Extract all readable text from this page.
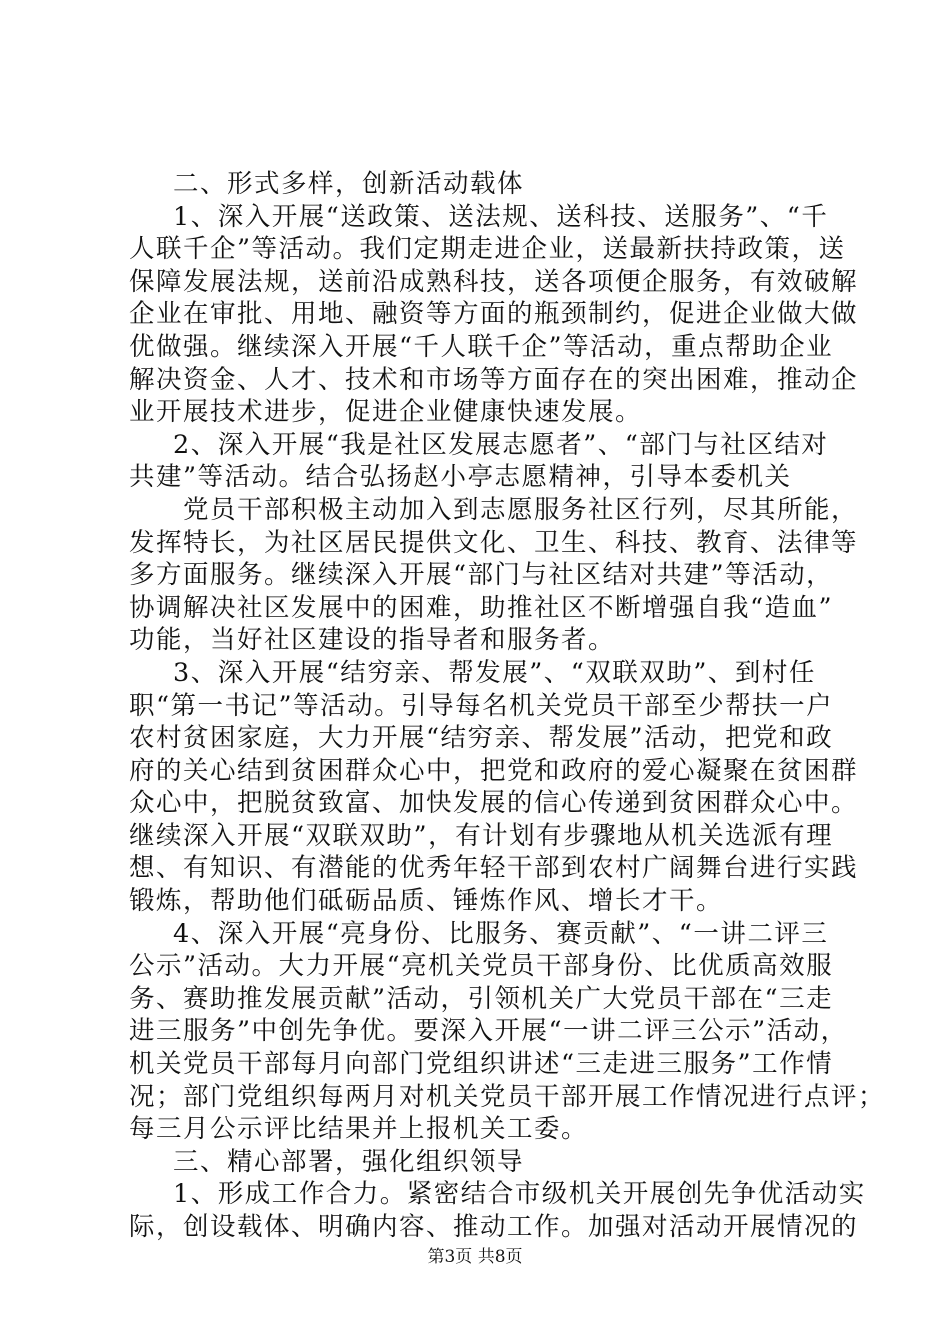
二、形式多样，创新活动载体
1、深入开展“送政策、送法规、送科技、送服务”、“千
人联千企”等活动。我们定期走进企业，送最新扶持政策，送
保障发展法规，送前沿成熟科技，送各项便企服务，有效破解
企业在审批、用地、融资等方面的瓶颈制约，促进企业做大做
优做强。继续深入开展“千人联千企”等活动，重点帮助企业
解决资金、人才、技术和市场等方面存在的突出困难，推动企
业开展技术进步，促进企业健康快速发展。
2、深入开展“我是社区发展志愿者”、“部门与社区结对
共建”等活动。结合弘扬赵小亭志愿精神，引导本委机关
党员干部积极主动加入到志愿服务社区行列，尽其所能，
发挥特长，为社区居民提供文化、卫生、科技、教育、法律等
多方面服务。继续深入开展“部门与社区结对共建”等活动，
协调解决社区发展中的困难，助推社区不断增强自我“造血”
功能，当好社区建设的指导者和服务者。
3、深入开展“结穷亲、帮发展”、“双联双助”、到村任
职“第一书记”等活动。引导每名机关党员干部至少帮扶一户
农村贫困家庭，大力开展“结穷亲、帮发展”活动，把党和政
府的关心结到贫困群众心中，把党和政府的爱心凝聚在贫困群
众心中，把脱贫致富、加快发展的信心传递到贫困群众心中。
继续深入开展“双联双助”，有计划有步骤地从机关选派有理
想、有知识、有潜能的优秀年轻干部到农村广阔舞台进行实践
锻炼，帮助他们砥砺品质、锤炼作风、增长才干。
4、深入开展“亮身份、比服务、赛贡献”、“一讲二评三
公示”活动。大力开展“亮机关党员干部身份、比优质高效服
务、赛助推发展贡献”活动，引领机关广大党员干部在“三走
进三服务”中创先争优。要深入开展“一讲二评三公示”活动，
机关党员干部每月向部门党组织讲述“三走进三服务”工作情
况；部门党组织每两月对机关党员干部开展工作情况进行点评；
每三月公示评比结果并上报机关工委。
三、精心部署，强化组织领导
1、形成工作合力。紧密结合市级机关开展创先争优活动实
际，创设载体、明确内容、推动工作。加强对活动开展情况的
第3页 共8页
